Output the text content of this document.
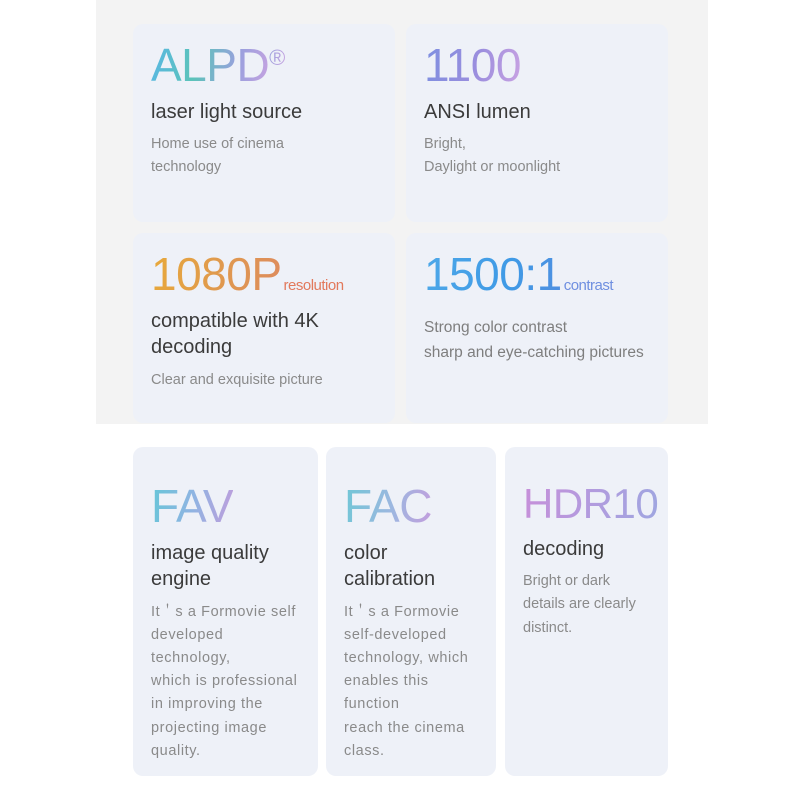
ALPD®
laser light source
Home use of cinema
technology
1100
ANSI lumen
Bright,
Daylight or moonlight
1080P resolution
compatible with 4K
decoding
Clear and exquisite picture
1500:1 contrast
Strong color contrast
sharp and eye-catching pictures
FAV
image quality
engine
It＇s a Formovie self
developed technology,
which is professional
in improving the
projecting image
quality.
FAC
color
calibration
It＇s a Formovie
self-developed
technology, which
enables this function
reach the cinema
class.
HDR10
decoding
Bright or dark
details are clearly
distinct.
